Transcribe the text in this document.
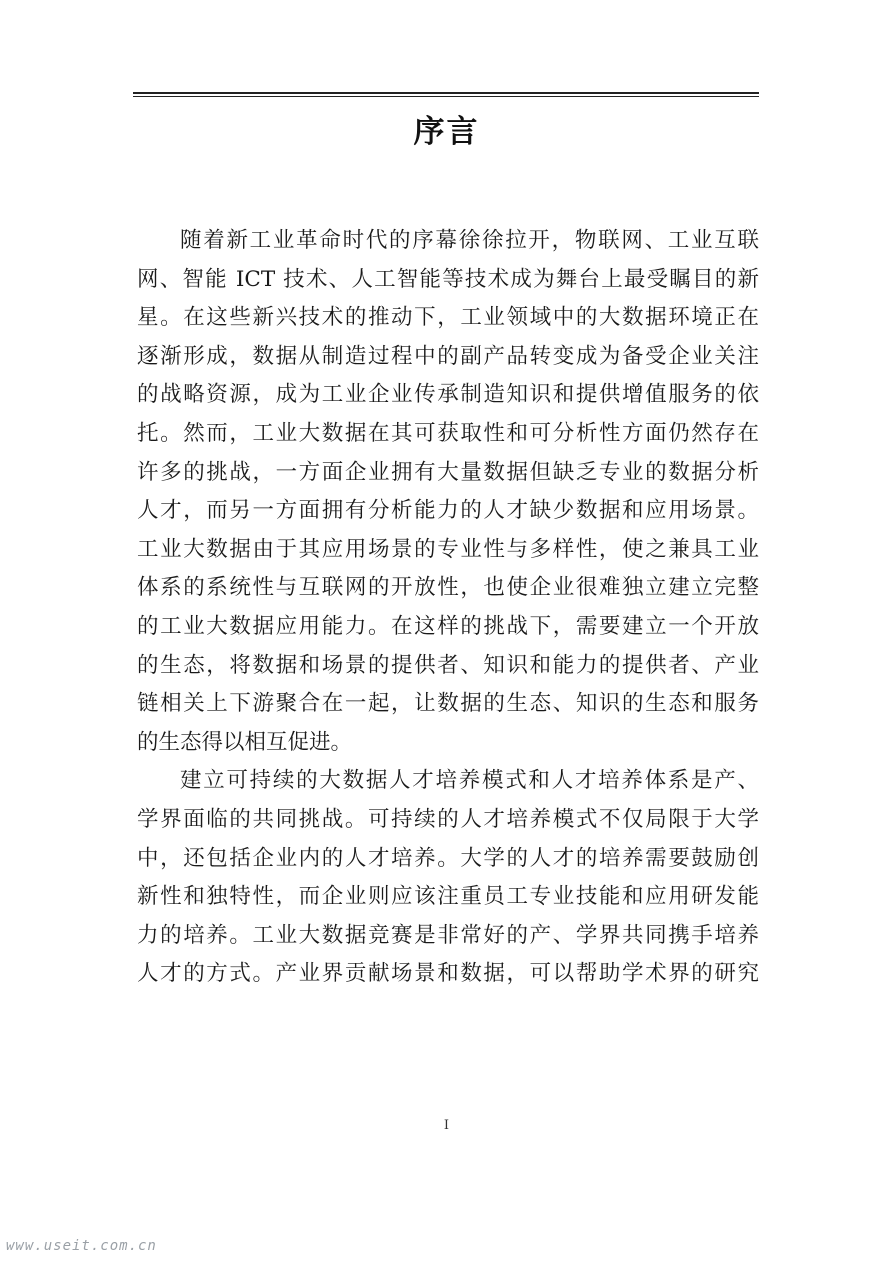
序言
随着新工业革命时代的序幕徐徐拉开，物联网、工业互联
网、智能 ICT 技术、人工智能等技术成为舞台上最受瞩目的新
星。在这些新兴技术的推动下，工业领域中的大数据环境正在
逐渐形成，数据从制造过程中的副产品转变成为备受企业关注
的战略资源，成为工业企业传承制造知识和提供增值服务的依
托。然而，工业大数据在其可获取性和可分析性方面仍然存在
许多的挑战，一方面企业拥有大量数据但缺乏专业的数据分析
人才，而另一方面拥有分析能力的人才缺少数据和应用场景。
工业大数据由于其应用场景的专业性与多样性，使之兼具工业
体系的系统性与互联网的开放性，也使企业很难独立建立完整
的工业大数据应用能力。在这样的挑战下，需要建立一个开放
的生态，将数据和场景的提供者、知识和能力的提供者、产业
链相关上下游聚合在一起，让数据的生态、知识的生态和服务
的生态得以相互促进。
建立可持续的大数据人才培养模式和人才培养体系是产、
学界面临的共同挑战。可持续的人才培养模式不仅局限于大学
中，还包括企业内的人才培养。大学的人才的培养需要鼓励创
新性和独特性，而企业则应该注重员工专业技能和应用研发能
力的培养。工业大数据竞赛是非常好的产、学界共同携手培养
人才的方式。产业界贡献场景和数据，可以帮助学术界的研究
I
www.useit.com.cn
